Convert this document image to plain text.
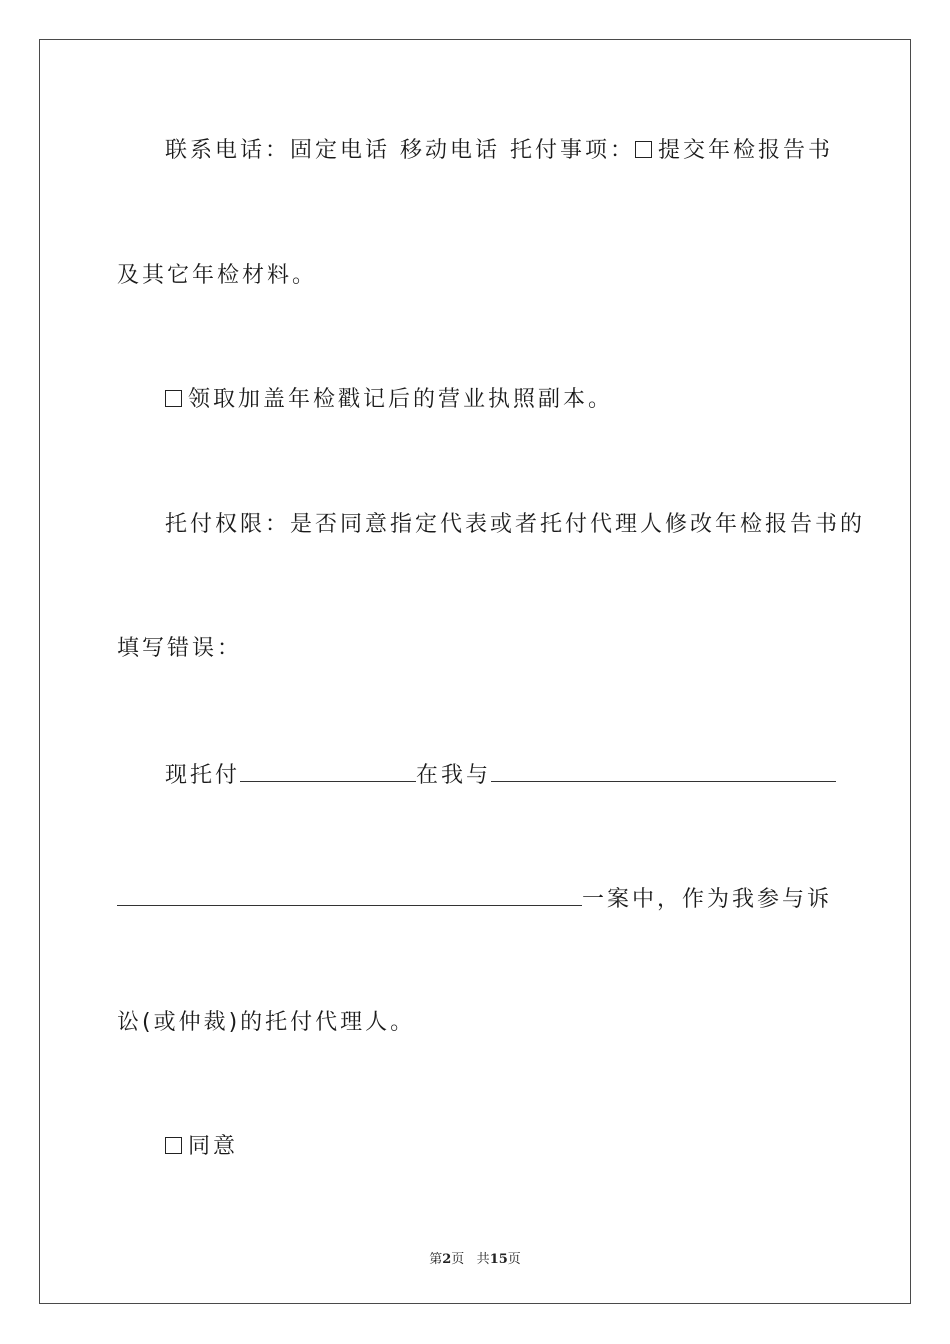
联系电话：固定电话 移动电话 托付事项： 提交年检报告书
及其它年检材料。
领取加盖年检戳记后的营业执照副本。
托付权限：是否同意指定代表或者托付代理人修改年检报告书的
填写错误：
现托付	在我与
一案中，作为我参与诉
讼(或仲裁)的托付代理人。
同意
第2页 共15页
